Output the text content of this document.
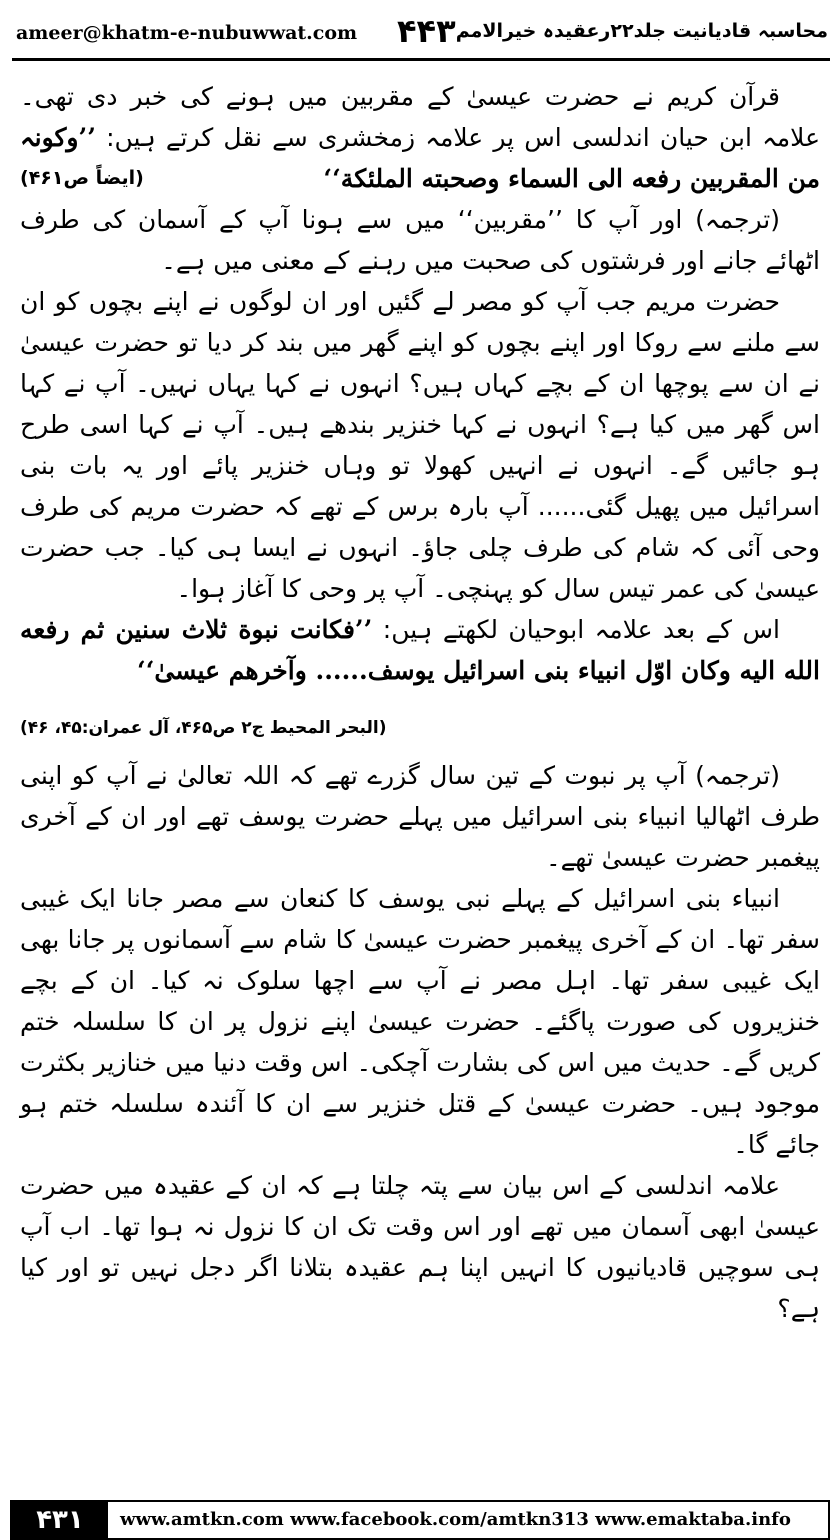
ameer@khatm-e-nubuwwat.com ۴۴۳ محاسبہ قادیانیت جلد۲۲رعقیدہ خیرالامم

قرآن کریم نے حضرت عیسیٰ کے مقربین میں ہونے کی خبر دی تھی۔ علامہ ابن حیان اندلسی اس پر علامہ زمخشری سے نقل کرتے ہیں: ’’وکونہ من المقربین رفعه الی السماء وصحبته الملئکة‘‘
(ایضاً ص۴۶۱)

(ترجمہ) اور آپ کا ’’مقربین‘‘ میں سے ہونا آپ کے آسمان کی طرف اٹھائے جانے اور فرشتوں کی صحبت میں رہنے کے معنی میں ہے۔

حضرت مریم جب آپ کو مصر لے گئیں اور ان لوگوں نے اپنے بچوں کو ان سے ملنے سے روکا اور اپنے بچوں کو اپنے گھر میں بند کر دیا تو حضرت عیسیٰ نے ان سے پوچھا ان کے بچے کہاں ہیں؟ انہوں نے کہا یہاں نہیں۔ آپ نے کہا اس گھر میں کیا ہے؟ انہوں نے کہا خنزیر بندھے ہیں۔ آپ نے کہا اسی طرح ہو جائیں گے۔ انہوں نے انہیں کھولا تو وہاں خنزیر پائے اور یہ بات بنی اسرائیل میں پھیل گئی...... آپ بارہ برس کے تھے کہ حضرت مریم کی طرف وحی آئی کہ شام کی طرف چلی جاؤ۔ انہوں نے ایسا ہی کیا۔ جب حضرت عیسیٰ کی عمر تیس سال کو پہنچی۔ آپ پر وحی کا آغاز ہوا۔

اس کے بعد علامہ ابوحیان لکھتے ہیں: ’’فکانت نبوة ثلاث سنین ثم رفعه الله الیه وکان اوّل انبیاء بنی اسرائیل یوسف...... وآخرهم عیسیٰ‘‘

(البحر المحیط ج۲ ص۴۶۵، آل عمران:۴۵، ۴۶)

(ترجمہ) آپ پر نبوت کے تین سال گزرے تھے کہ اللہ تعالیٰ نے آپ کو اپنی طرف اٹھالیا انبیاء بنی اسرائیل میں پہلے حضرت یوسف تھے اور ان کے آخری پیغمبر حضرت عیسیٰ تھے۔

انبیاء بنی اسرائیل کے پہلے نبی یوسف کا کنعان سے مصر جانا ایک غیبی سفر تھا۔ ان کے آخری پیغمبر حضرت عیسیٰ کا شام سے آسمانوں پر جانا بھی ایک غیبی سفر تھا۔ اہل مصر نے آپ سے اچھا سلوک نہ کیا۔ ان کے بچے خنزیروں کی صورت پاگئے۔ حضرت عیسیٰ اپنے نزول پر ان کا سلسلہ ختم کریں گے۔ حدیث میں اس کی بشارت آچکی۔ اس وقت دنیا میں خنازیر بکثرت موجود ہیں۔ حضرت عیسیٰ کے قتل خنزیر سے ان کا آئندہ سلسلہ ختم ہو جائے گا۔

علامہ اندلسی کے اس بیان سے پتہ چلتا ہے کہ ان کے عقیدہ میں حضرت عیسیٰ ابھی آسمان میں تھے اور اس وقت تک ان کا نزول نہ ہوا تھا۔ اب آپ ہی سوچیں قادیانیوں کا انہیں اپنا ہم عقیدہ بتلانا اگر دجل نہیں تو اور کیا ہے؟

۴۳۱	www.amtkn.com www.facebook.com/amtkn313 www.emaktaba.info
